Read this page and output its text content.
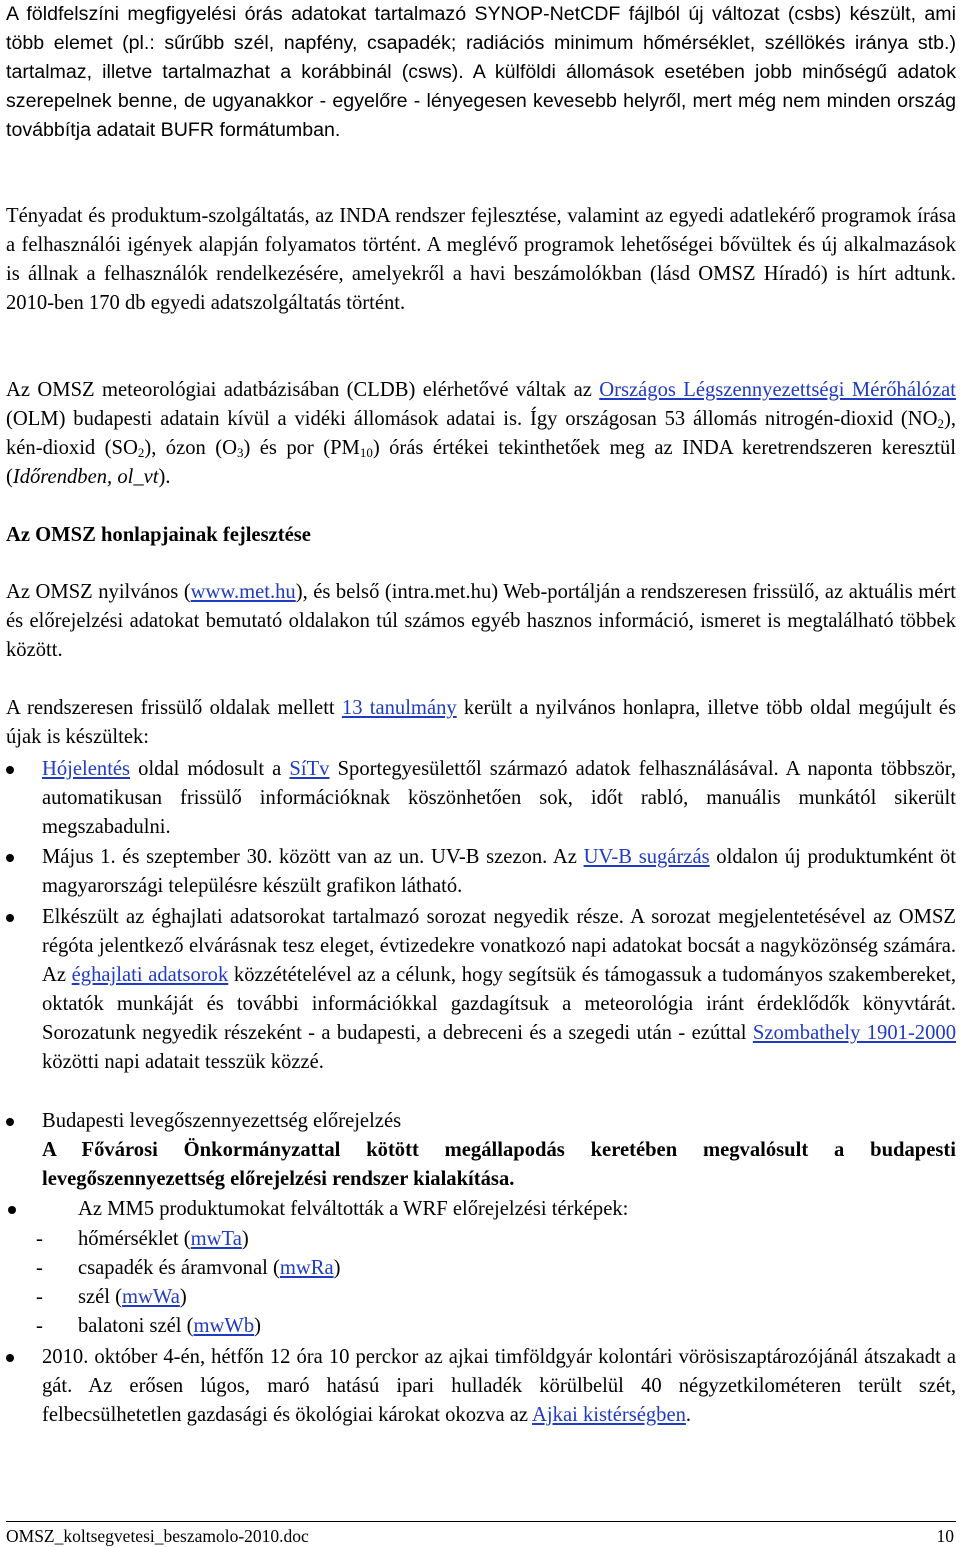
A földfelszíni megfigyelési órás adatokat tartalmazó SYNOP-NetCDF fájlból új változat (csbs) készült, ami több elemet (pl.: sűrűbb szél, napfény, csapadék; radiációs minimum hőmérséklet, széllökés iránya stb.) tartalmaz, illetve tartalmazhat a korábbinál (csws). A külföldi állomások esetében jobb minőségű adatok szerepelnek benne, de ugyanakkor - egyelőre - lényegesen kevesebb helyről, mert még nem minden ország továbbítja adatait BUFR formátumban.

Tényadat és produktum-szolgáltatás, az INDA rendszer fejlesztése, valamint az egyedi adatlekérő programok írása a felhasználói igények alapján folyamatos történt. A meglévő programok lehetőségei bővültek és új alkalmazások is állnak a felhasználók rendelkezésére, amelyekről a havi beszámolókban (lásd OMSZ Híradó) is hírt adtunk. 2010-ben 170 db egyedi adatszolgáltatás történt.

Az OMSZ meteorológiai adatbázisában (CLDB) elérhetővé váltak az Országos Légszennyezettségi Mérőhálózat (OLM) budapesti adatain kívül a vidéki állomások adatai is. Így országosan 53 állomás nitrogén-dioxid $(NO_2)$, kén-dioxid $(SO_2)$, ózon $(O_3)$ és por $(PM_{10})$ órás értékei tekinthetőek meg az INDA keretrendszeren keresztül (Időrendben, ol_vt).

Az OMSZ honlapjainak fejlesztése

Az OMSZ nyilvános (www.met.hu), és belső (intra.met.hu) Web-portálján a rendszeresen frissülő, az aktuális mért és előrejelzési adatokat bemutató oldalakon túl számos egyéb hasznos információ, ismeret is megtalálható többek között.

A rendszeresen frissülő oldalak mellett 13 tanulmány került a nyilvános honlapra, illetve több oldal megújult és újak is készültek:

Hójelentés oldal módosult a SíTv Sportegyesülettől származó adatok felhasználásával. A naponta többször, automatikusan frissülő információknak köszönhetően sok, időt rabló, manuális munkától sikerült megszabadulni.

Május 1. és szeptember 30. között van az un. UV-B szezon. Az UV-B sugárzás oldalon új produktumként öt magyarországi településre készült grafikon látható.

Elkészült az éghajlati adatsorokat tartalmazó sorozat negyedik része. A sorozat megjelentetésével az OMSZ régóta jelentkező elvárásnak tesz eleget, évtizedekre vonatkozó napi adatokat bocsát a nagyközönség számára. Az éghajlati adatsorok közzétételével az a célunk, hogy segítsük és támogassuk a tudományos szakembereket, oktatók munkáját és további információkkal gazdagítsuk a meteorológia iránt érdeklődők könyvtárát. Sorozatunk negyedik részeként - a budapesti, a debreceni és a szegedi után - ezúttal Szombathely 1901-2000 közötti napi adatait tesszük közzé.

Budapesti levegőszennyezettség előrejelzés
A Fővárosi Önkormányzattal kötött megállapodás keretében megvalósult a budapesti levegőszennyezettség előrejelzési rendszer kialakítása.

Az MM5 produktumokat felváltották a WRF előrejelzési térképek:

- hőmérséklet (mwTa)
- csapadék és áramvonal (mwRa)
- szél (mwWa)
- balatoni szél (mwWb)

2010. október 4-én, hétfőn 12 óra 10 perckor az ajkai timföldgyár kolontári vörösiszaptározójánál átszakadt a gát. Az erősen lúgos, maró hatású ipari hulladék körülbelül 40 négyzetkilométeren terült szét, felbecsülhetetlen gazdasági és ökológiai károkat okozva az Ajkai kistérségben.

OMSZ_koltsegvetesi_beszamolo-2010.doc	10
